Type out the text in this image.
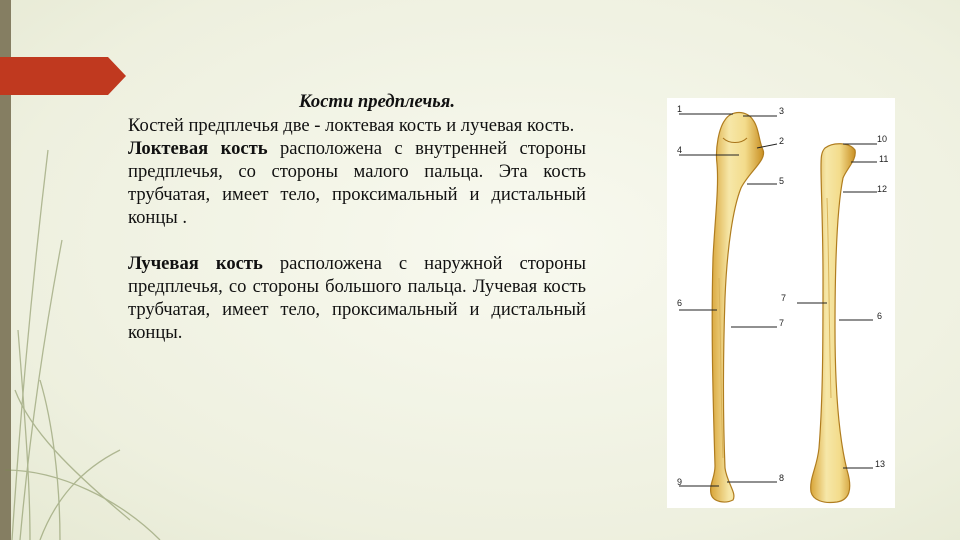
Кости предплечья.

Костей предплечья две - локтевая кость и лучевая кость.

Локтевая кость расположена с внутренней стороны предплечья, со стороны малого пальца. Эта кость трубчатая, имеет тело, проксимальный и дистальный концы .

Лучевая кость расположена с наружной стороны предплечья, со стороны большого пальца. Лучевая кость трубчатая, имеет тело, проксимальный и дистальный концы.

1	3
2
4
5
6	7
7
6
10
11
12
9	8
13
